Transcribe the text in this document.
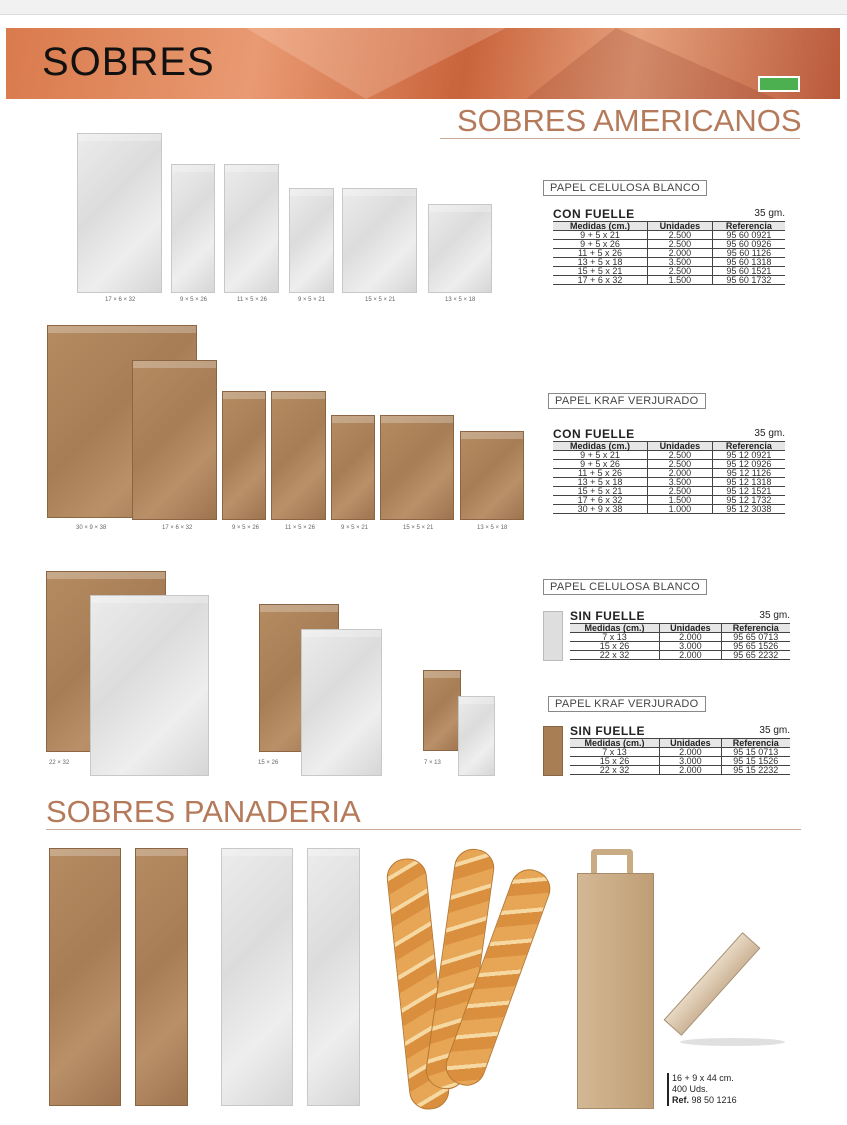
SOBRES
SOBRES AMERICANOS
17 × 6 × 32	9 × 5 × 26	11 × 5 × 26	9 × 5 × 21	15 × 5 × 21	13 × 5 × 18
PAPEL CELULOSA BLANCO
CON FUELLE	35 gm.
Medidas (cm.)	Unidades	Referencia
9 + 5 x 21	2.500	95 60 0921
9 + 5 x 26	2.500	95 60 0926
11 + 5 x 26	2.000	95 60 1126
13 + 5 x 18	3.500	95 60 1318
15 + 5 x 21	2.500	95 60 1521
17 + 6 x 32	1.500	95 60 1732
30 × 9 × 38	17 × 6 × 32	9 × 5 × 26	11 × 5 × 26	9 × 5 × 21	15 × 5 × 21	13 × 5 × 18
PAPEL KRAF VERJURADO
CON FUELLE	35 gm.
Medidas (cm.)	Unidades	Referencia
9 + 5 x 21	2.500	95 12 0921
9 + 5 x 26	2.500	95 12 0926
11 + 5 x 26	2.000	95 12 1126
13 + 5 x 18	3.500	95 12 1318
15 + 5 x 21	2.500	95 12 1521
17 + 6 x 32	1.500	95 12 1732
30 + 9 x 38	1.000	95 12 3038
22 × 32	15 × 26	7 × 13
PAPEL CELULOSA BLANCO
SIN FUELLE	35 gm.
Medidas (cm.)	Unidades	Referencia
7 x 13	2.000	95 65 0713
15 x 26	3.000	95 65 1526
22 x 32	2.000	95 65 2232
PAPEL KRAF VERJURADO
SIN FUELLE	35 gm.
Medidas (cm.)	Unidades	Referencia
7 x 13	2.000	95 15 0713
15 x 26	3.000	95 15 1526
22 x 32	2.000	95 15 2232
SOBRES PANADERIA
16 + 9 x 44 cm.
400 Uds.
Ref. 98 50 1216
